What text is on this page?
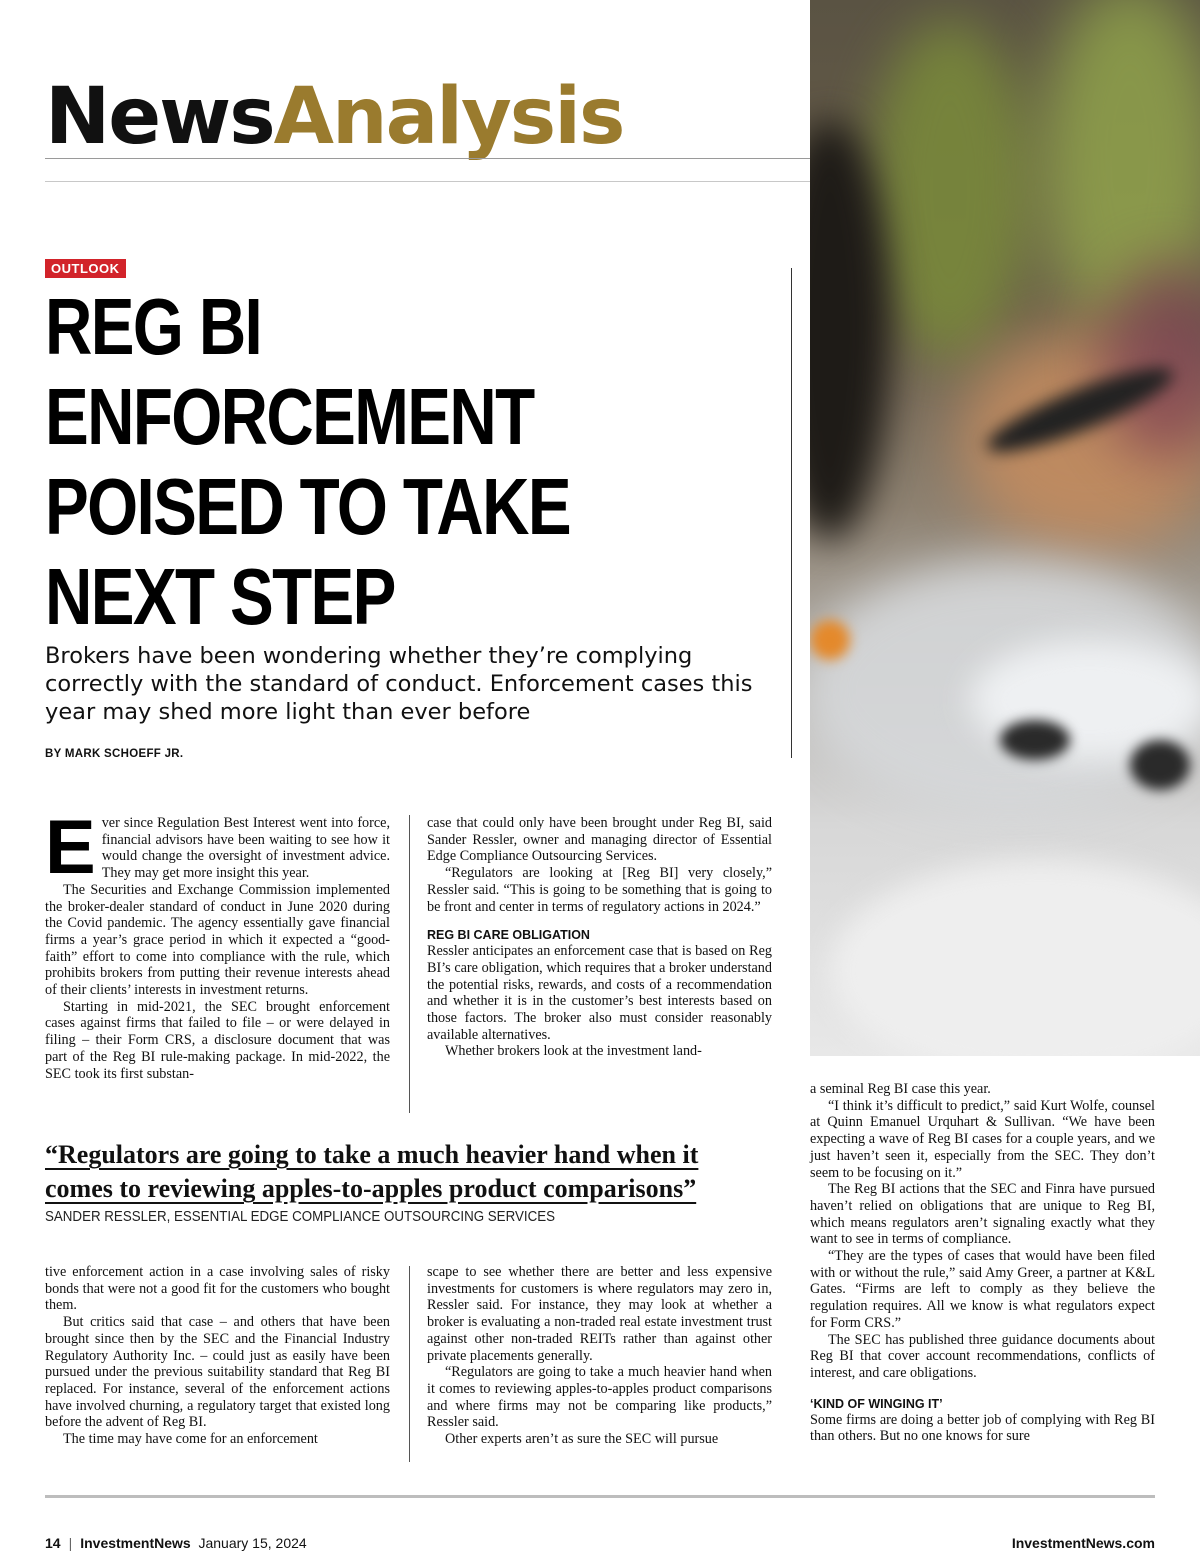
NewsAnalysis
OUTLOOK
REG BI
ENFORCEMENT
POISED TO TAKE
NEXT STEP
Brokers have been wondering whether they’re complying correctly with the standard of conduct. Enforcement cases this year may shed more light than ever before
BY MARK SCHOEFF JR.
E ver since Regulation Best Interest went into force, financial advisors have been waiting to see how it would change the oversight of investment advice. They may get more insight this year.

The Securities and Exchange Commission implemented the broker-dealer standard of conduct in June 2020 during the Covid pandemic. The agency essentially gave financial firms a year’s grace period in which it expected a “good-faith” effort to come into compliance with the rule, which prohibits brokers from putting their revenue interests ahead of their clients’ interests in investment returns.

Starting in mid-2021, the SEC brought enforcement cases against firms that failed to file – or were delayed in filing – their Form CRS, a disclosure document that was part of the Reg BI rule-making package. In mid-2022, the SEC took its first substan-

case that could only have been brought under Reg BI, said Sander Ressler, owner and managing director of Essential Edge Compliance Outsourcing Services.

“Regulators are looking at [Reg BI] very closely,” Ressler said. “This is going to be something that is going to be front and center in terms of regulatory actions in 2024.”

REG BI CARE OBLIGATION

Ressler anticipates an enforcement case that is based on Reg BI’s care obligation, which requires that a broker understand the potential risks, rewards, and costs of a recommendation and whether it is in the customer’s best interests based on those factors. The broker also must consider reasonably available alternatives.

Whether brokers look at the investment land-

“Regulators are going to take a much heavier hand when it
comes to reviewing apples-to-apples product comparisons”
SANDER RESSLER, ESSENTIAL EDGE COMPLIANCE OUTSOURCING SERVICES

tive enforcement action in a case involving sales of risky bonds that were not a good fit for the customers who bought them.

But critics said that case – and others that have been brought since then by the SEC and the Financial Industry Regulatory Authority Inc. – could just as easily have been pursued under the previous suitability standard that Reg BI replaced. For instance, several of the enforcement actions have involved churning, a regulatory target that existed long before the advent of Reg BI.

The time may have come for an enforcement

scape to see whether there are better and less expensive investments for customers is where regulators may zero in, Ressler said. For instance, they may look at whether a broker is evaluating a non-traded real estate investment trust against other non-traded REITs rather than against other private placements generally.

“Regulators are going to take a much heavier hand when it comes to reviewing apples-to-apples product comparisons and where firms may not be comparing like products,” Ressler said.

Other experts aren’t as sure the SEC will pursue

a seminal Reg BI case this year.

“I think it’s difficult to predict,” said Kurt Wolfe, counsel at Quinn Emanuel Urquhart & Sullivan. “We have been expecting a wave of Reg BI cases for a couple years, and we just haven’t seen it, especially from the SEC. They don’t seem to be focusing on it.”

The Reg BI actions that the SEC and Finra have pursued haven’t relied on obligations that are unique to Reg BI, which means regulators aren’t signaling exactly what they want to see in terms of compliance.

“They are the types of cases that would have been filed with or without the rule,” said Amy Greer, a partner at K&L Gates. “Firms are left to comply as they believe the regulation requires. All we know is what regulators expect for Form CRS.”

The SEC has published three guidance documents about Reg BI that cover account recommendations, conflicts of interest, and care obligations.

‘KIND OF WINGING IT’

Some firms are doing a better job of complying with Reg BI than others. But no one knows for sure

14 | InvestmentNews January 15, 2024	InvestmentNews.com
